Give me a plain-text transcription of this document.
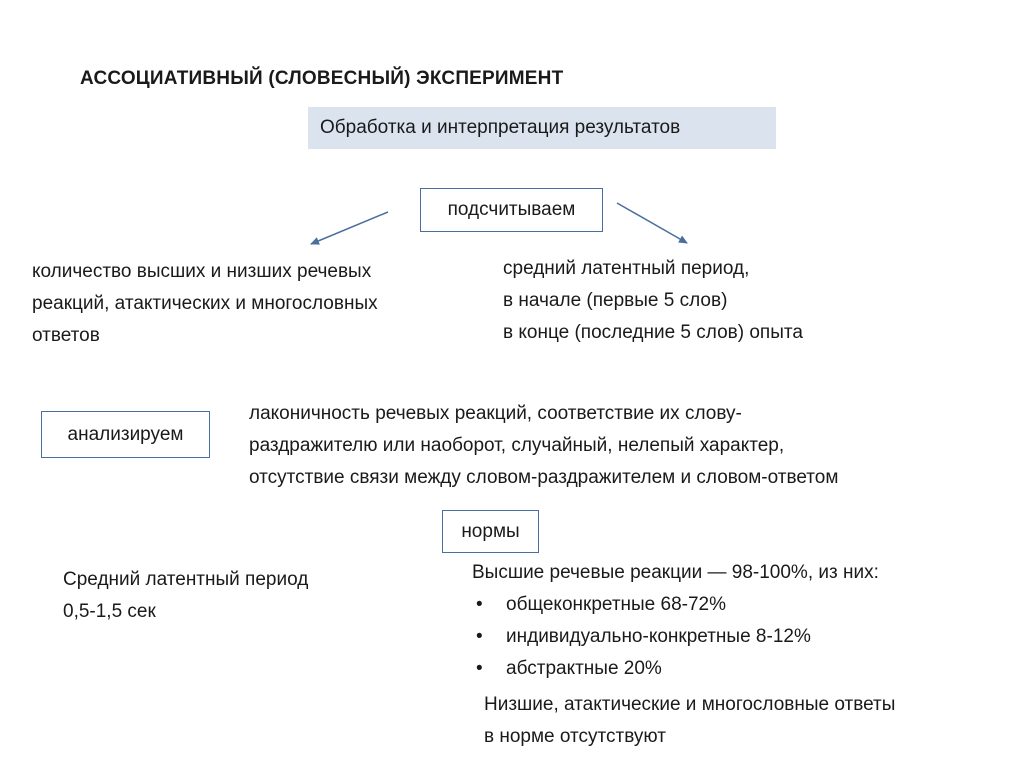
АССОЦИАТИВНЫЙ (СЛОВЕСНЫЙ) ЭКСПЕРИМЕНТ
Обработка и интерпретация результатов
подсчитываем
количество высших и низших речевых
реакций, атактических и многословных
ответов
средний латентный период,
в начале (первые 5 слов)
в конце (последние 5 слов) опыта
анализируем
лаконичность речевых реакций, соответствие их слову-
раздражителю или наоборот, случайный, нелепый характер,
отсутствие связи между словом-раздражителем и словом-ответом
нормы
Средний латентный период
0,5-1,5 сек
Высшие речевые реакции — 98-100%, из них:
• общеконкретные 68-72%
• индивидуально-конкретные 8-12%
• абстрактные 20%
Низшие, атактические и многословные ответы
в норме отсутствуют
